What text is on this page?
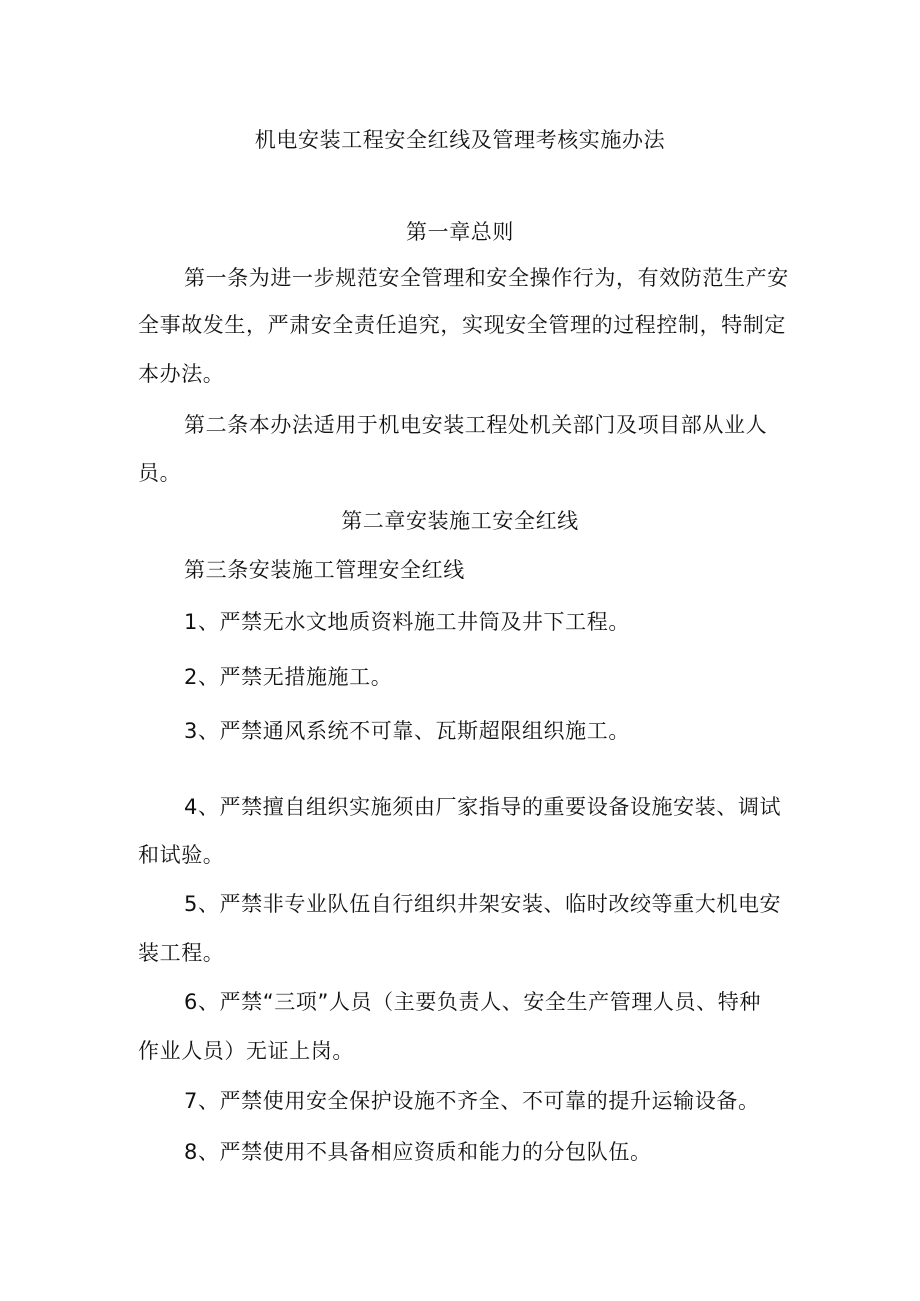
机电安装工程安全红线及管理考核实施办法
第一章总则
第一条为进一步规范安全管理和安全操作行为，有效防范生产安
全事故发生，严肃安全责任追究，实现安全管理的过程控制，特制定
本办法。
第二条本办法适用于机电安装工程处机关部门及项目部从业人
员。
第二章安装施工安全红线
第三条安装施工管理安全红线
1、严禁无水文地质资料施工井筒及井下工程。
2、严禁无措施施工。
3、严禁通风系统不可靠、瓦斯超限组织施工。
4、严禁擅自组织实施须由厂家指导的重要设备设施安装、调试
和试验。
5、严禁非专业队伍自行组织井架安装、临时改绞等重大机电安
装工程。
6、严禁“三项”人员（主要负责人、安全生产管理人员、特种
作业人员）无证上岗。
7、严禁使用安全保护设施不齐全、不可靠的提升运输设备。
8、严禁使用不具备相应资质和能力的分包队伍。
